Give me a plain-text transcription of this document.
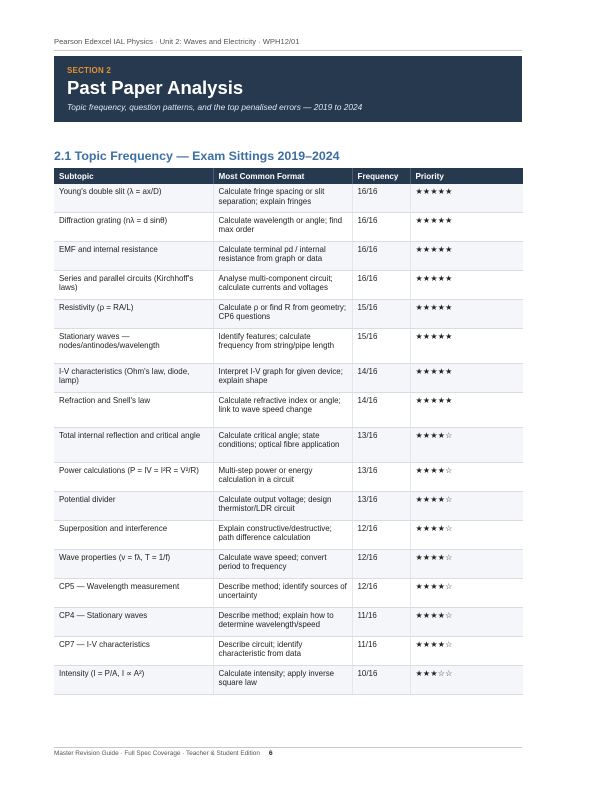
Pearson Edexcel IAL Physics · Unit 2: Waves and Electricity · WPH12/01
SECTION 2
Past Paper Analysis
Topic frequency, question patterns, and the top penalised errors — 2019 to 2024
2.1 Topic Frequency — Exam Sittings 2019–2024
Subtopic	Most Common Format	Frequency	Priority
Young's double slit (λ = ax/D)	Calculate fringe spacing or slit separation; explain fringes	16/16	★★★★★
Diffraction grating (nλ = d sinθ)	Calculate wavelength or angle; find max order	16/16	★★★★★
EMF and internal resistance	Calculate terminal pd / internal resistance from graph or data	16/16	★★★★★
Series and parallel circuits (Kirchhoff's laws)	Analyse multi-component circuit; calculate currents and voltages	16/16	★★★★★
Resistivity (ρ = RA/L)	Calculate ρ or find R from geometry; CP6 questions	15/16	★★★★★
Stationary waves — nodes/antinodes/wavelength	Identify features; calculate frequency from string/pipe length	15/16	★★★★★
I-V characteristics (Ohm's law, diode, lamp)	Interpret I-V graph for given device; explain shape	14/16	★★★★★
Refraction and Snell's law	Calculate refractive index or angle; link to wave speed change	14/16	★★★★★
Total internal reflection and critical angle	Calculate critical angle; state conditions; optical fibre application	13/16	★★★★☆
Power calculations (P = IV = I²R = V²/R)	Multi-step power or energy calculation in a circuit	13/16	★★★★☆
Potential divider	Calculate output voltage; design thermistor/LDR circuit	13/16	★★★★☆
Superposition and interference	Explain constructive/destructive; path difference calculation	12/16	★★★★☆
Wave properties (v = fλ, T = 1/f)	Calculate wave speed; convert period to frequency	12/16	★★★★☆
CP5 — Wavelength measurement	Describe method; identify sources of uncertainty	12/16	★★★★☆
CP4 — Stationary waves	Describe method; explain how to determine wavelength/speed	11/16	★★★★☆
CP7 — I-V characteristics	Describe circuit; identify characteristic from data	11/16	★★★★☆
Intensity (I = P/A, I ∝ A²)	Calculate intensity; apply inverse square law	10/16	★★★☆☆
Master Revision Guide · Full Spec Coverage · Teacher & Student Edition 6
